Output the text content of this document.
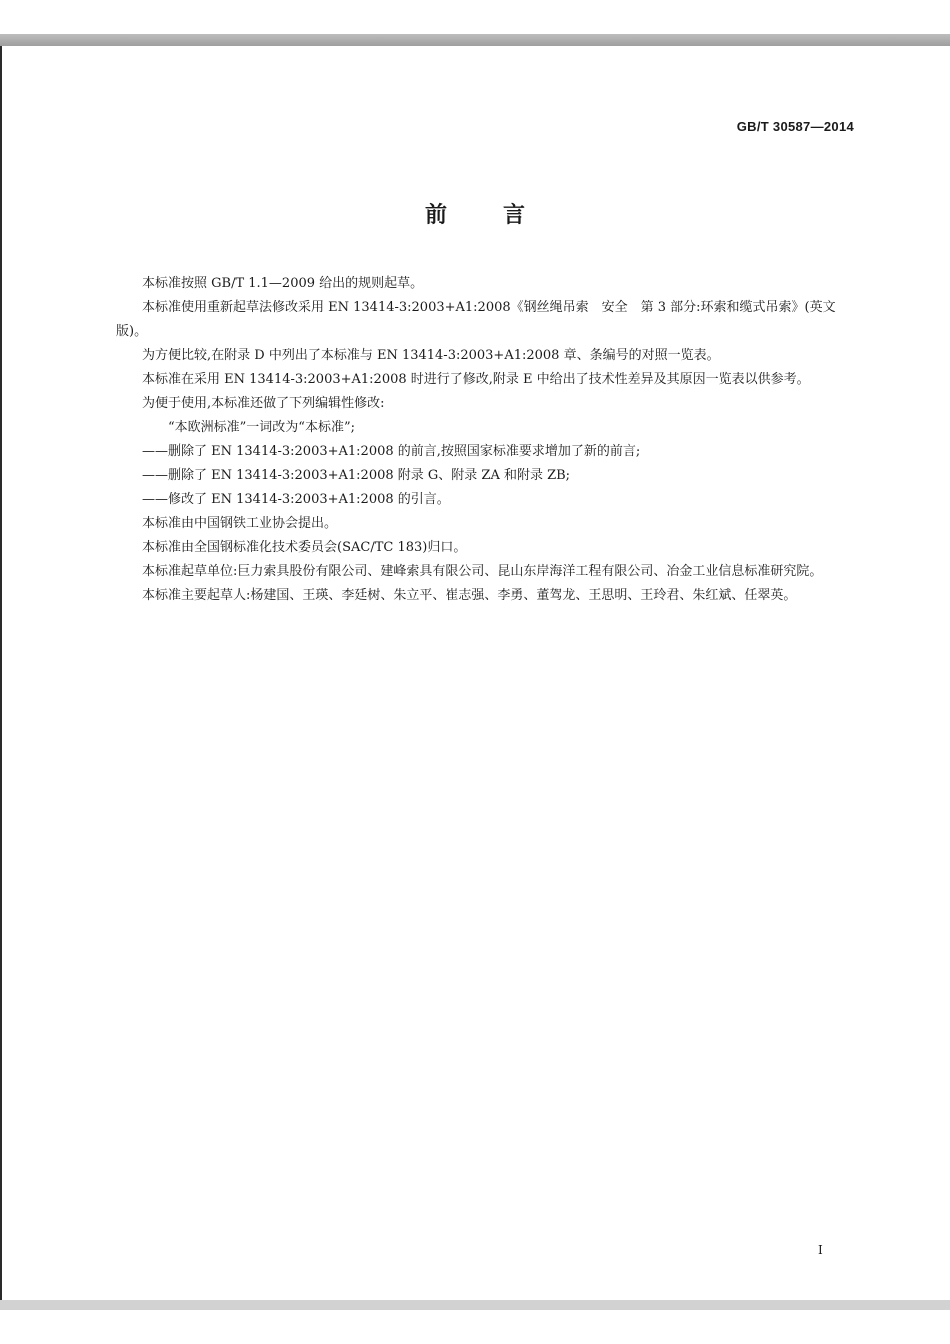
GB/T 30587—2014
前言

本标准按照 GB/T 1.1—2009 给出的规则起草。

本标准使用重新起草法修改采用 EN 13414-3:2003+A1:2008《钢丝绳吊索　安全　第 3 部分:环索和缆式吊索》(英文版)。

为方便比较,在附录 D 中列出了本标准与 EN 13414-3:2003+A1:2008 章、条编号的对照一览表。

本标准在采用 EN 13414-3:2003+A1:2008 时进行了修改,附录 E 中给出了技术性差异及其原因一览表以供参考。

为便于使用,本标准还做了下列编辑性修改:

“本欧洲标准”一词改为“本标准”;

——删除了 EN 13414-3:2003+A1:2008 的前言,按照国家标准要求增加了新的前言;

——删除了 EN 13414-3:2003+A1:2008 附录 G、附录 ZA 和附录 ZB;

——修改了 EN 13414-3:2003+A1:2008 的引言。

本标准由中国钢铁工业协会提出。

本标准由全国钢标准化技术委员会(SAC/TC 183)归口。

本标准起草单位:巨力索具股份有限公司、建峰索具有限公司、昆山东岸海洋工程有限公司、冶金工业信息标准研究院。

本标准主要起草人:杨建国、王瑛、李廷树、朱立平、崔志强、李勇、董驾龙、王思明、王玲君、朱红斌、任翠英。

I
